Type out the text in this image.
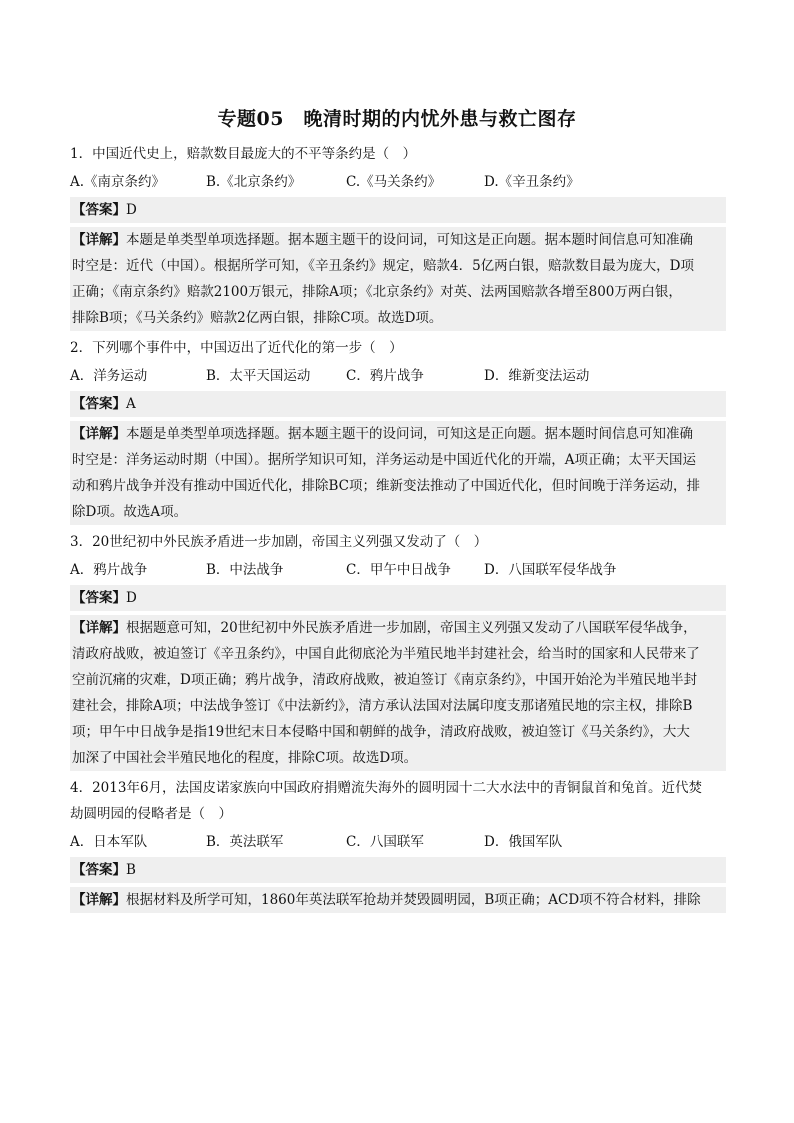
专题05　晚清时期的内忧外患与救亡图存

1．中国近代史上，赔款数目最庞大的不平等条约是（　）

A.《南京条约》	B.《北京条约》	C.《马关条约》	D.《辛丑条约》
【答案】D

【详解】本题是单类型单项选择题。据本题主题干的设问词，可知这是正向题。据本题时间信息可知准确

时空是：近代（中国）。根据所学可知，《辛丑条约》规定，赔款4．5亿两白银，赔款数目最为庞大，D项

正确；《南京条约》赔款2100万银元，排除A项；《北京条约》对英、法两国赔款各增至800万两白银，

排除B项；《马关条约》赔款2亿两白银，排除C项。故选D项。

2．下列哪个事件中，中国迈出了近代化的第一步（　）

A．洋务运动	B．太平天国运动	C．鸦片战争	D．维新变法运动
【答案】A

【详解】本题是单类型单项选择题。据本题主题干的设问词，可知这是正向题。据本题时间信息可知准确

时空是：洋务运动时期（中国）。据所学知识可知，洋务运动是中国近代化的开端，A项正确；太平天国运

动和鸦片战争并没有推动中国近代化，排除BC项；维新变法推动了中国近代化，但时间晚于洋务运动，排

除D项。故选A项。

3．20世纪初中外民族矛盾进一步加剧，帝国主义列强又发动了（　）

A．鸦片战争	B．中法战争	C．甲午中日战争	D．八国联军侵华战争
【答案】D

【详解】根据题意可知，20世纪初中外民族矛盾进一步加剧，帝国主义列强又发动了八国联军侵华战争，

清政府战败，被迫签订《辛丑条约》，中国自此彻底沦为半殖民地半封建社会，给当时的国家和人民带来了

空前沉痛的灾难，D项正确；鸦片战争，清政府战败，被迫签订《南京条约》，中国开始沦为半殖民地半封

建社会，排除A项；中法战争签订《中法新约》，清方承认法国对法属印度支那诸殖民地的宗主权，排除B

项；甲午中日战争是指19世纪末日本侵略中国和朝鲜的战争，清政府战败，被迫签订《马关条约》，大大

加深了中国社会半殖民地化的程度，排除C项。故选D项。

4．2013年6月，法国皮诺家族向中国政府捐赠流失海外的圆明园十二大水法中的青铜鼠首和兔首。近代焚

劫圆明园的侵略者是（　）

A．日本军队	B．英法联军	C．八国联军	D．俄国军队
【答案】B

【详解】根据材料及所学可知，1860年英法联军抢劫并焚毁圆明园，B项正确；ACD项不符合材料，排除
